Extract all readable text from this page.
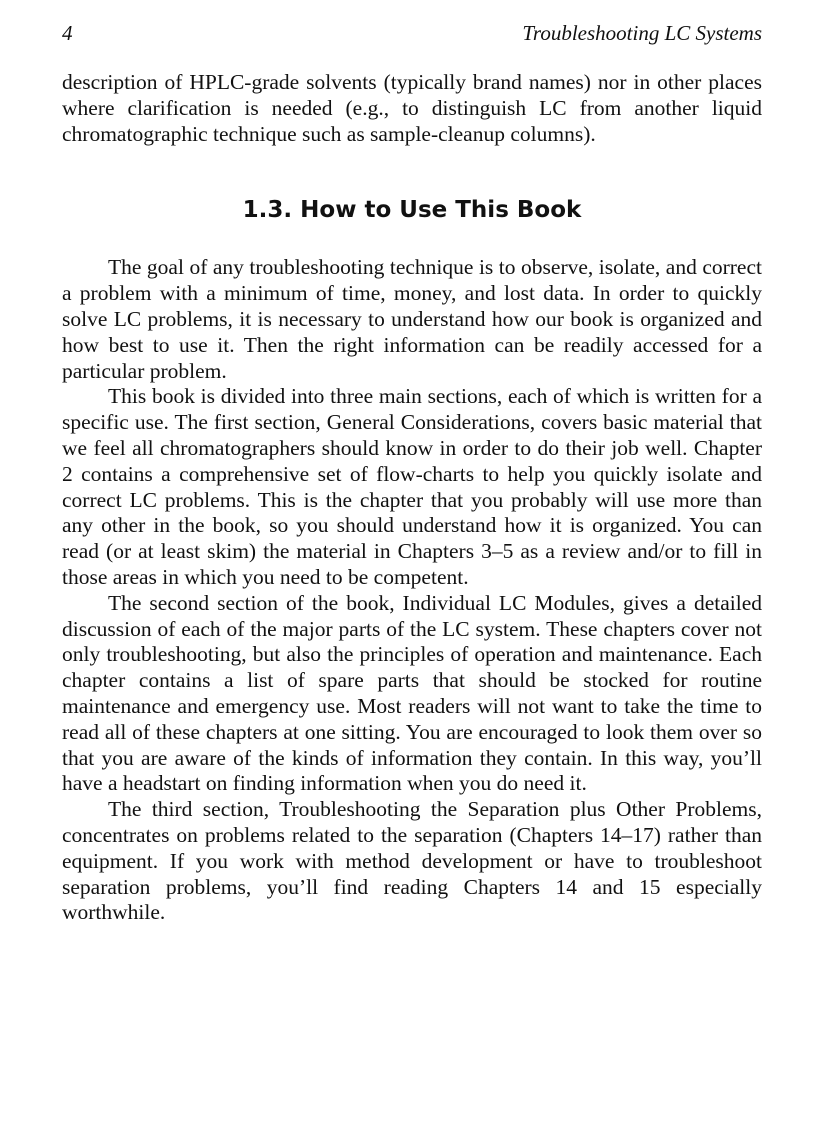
4	Troubleshooting LC Systems

description of HPLC-grade solvents (typically brand names) nor in other places where clarification is needed (e.g., to distinguish LC from another liquid chromatographic technique such as sample-cleanup columns).

1.3. How to Use This Book

The goal of any troubleshooting technique is to observe, isolate, and correct a problem with a minimum of time, money, and lost data. In order to quickly solve LC problems, it is necessary to understand how our book is organized and how best to use it. Then the right information can be readily accessed for a particular problem.

This book is divided into three main sections, each of which is written for a specific use. The first section, General Considerations, covers basic material that we feel all chromatographers should know in order to do their job well. Chapter 2 contains a comprehensive set of flow-charts to help you quickly isolate and correct LC problems. This is the chapter that you probably will use more than any other in the book, so you should understand how it is organized. You can read (or at least skim) the material in Chapters 3–5 as a review and/or to fill in those areas in which you need to be competent.

The second section of the book, Individual LC Modules, gives a detailed discussion of each of the major parts of the LC system. These chapters cover not only troubleshooting, but also the principles of operation and maintenance. Each chapter contains a list of spare parts that should be stocked for routine maintenance and emergency use. Most readers will not want to take the time to read all of these chapters at one sitting. You are encouraged to look them over so that you are aware of the kinds of information they contain. In this way, you’ll have a headstart on finding information when you do need it.

The third section, Troubleshooting the Separation plus Other Problems, concentrates on problems related to the separation (Chapters 14–17) rather than equipment. If you work with method development or have to troubleshoot separation problems, you’ll find reading Chapters 14 and 15 especially worthwhile.
